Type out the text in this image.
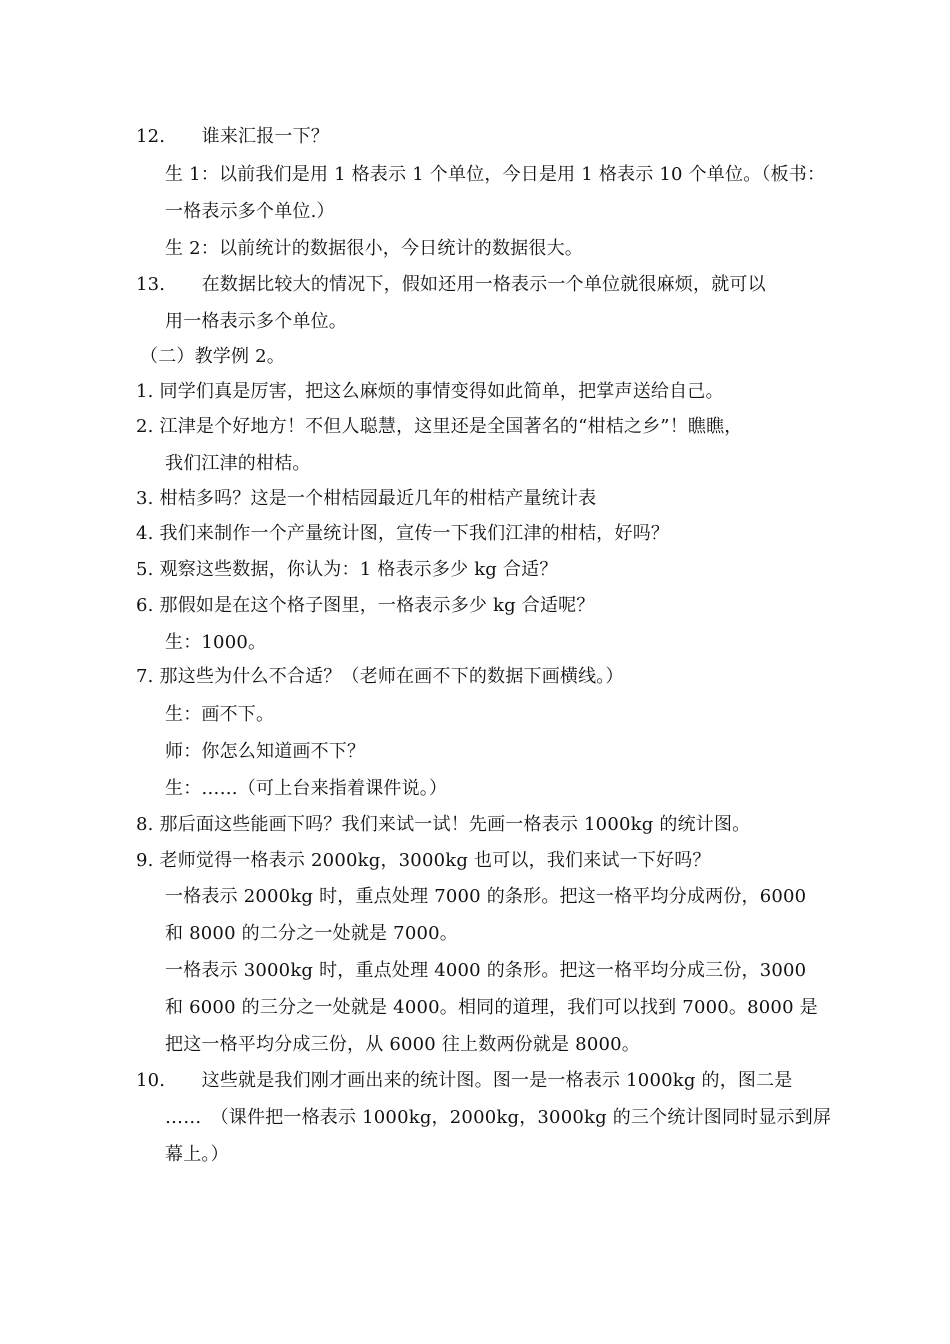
12.　　谁来汇报一下？
生 1：以前我们是用 1 格表示 1 个单位，今日是用 1 格表示 10 个单位。（板书：
一格表示多个单位.）
生 2：以前统计的数据很小，今日统计的数据很大。
13.　　在数据比较大的情况下，假如还用一格表示一个单位就很麻烦，就可以
用一格表示多个单位。
（二）教学例 2。
1. 同学们真是厉害，把这么麻烦的事情变得如此简单，把掌声送给自己。
2. 江津是个好地方！不但人聪慧，这里还是全国著名的“柑桔之乡”！瞧瞧，
我们江津的柑桔。
3. 柑桔多吗？这是一个柑桔园最近几年的柑桔产量统计表
4. 我们来制作一个产量统计图，宣传一下我们江津的柑桔，好吗？
5. 观察这些数据，你认为：1 格表示多少 kg 合适？
6. 那假如是在这个格子图里，一格表示多少 kg 合适呢？
生：1000。
7. 那这些为什么不合适？（老师在画不下的数据下画横线。）
生：画不下。
师：你怎么知道画不下？
生：……（可上台来指着课件说。）
8. 那后面这些能画下吗？我们来试一试！先画一格表示 1000kg 的统计图。
9. 老师觉得一格表示 2000kg，3000kg 也可以，我们来试一下好吗？
一格表示 2000kg 时，重点处理 7000 的条形。把这一格平均分成两份，6000
和 8000 的二分之一处就是 7000。
一格表示 3000kg 时，重点处理 4000 的条形。把这一格平均分成三份，3000
和 6000 的三分之一处就是 4000。相同的道理，我们可以找到 7000。8000 是
把这一格平均分成三份，从 6000 往上数两份就是 8000。
10.　　这些就是我们刚才画出来的统计图。图一是一格表示 1000kg 的，图二是
……　（课件把一格表示 1000kg，2000kg，3000kg 的三个统计图同时显示到屏
幕上。）
